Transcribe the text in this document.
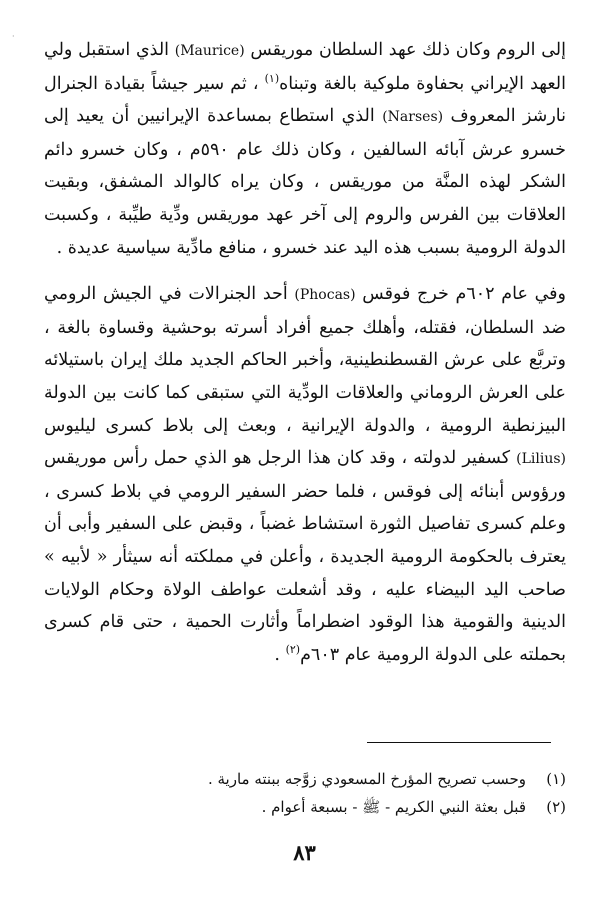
·

إلى الروم وكان ذلك عهد السلطان موريقس (Maurice) الذي استقبل ولي العهد الإيراني بحفاوة ملوكية بالغة وتبناه$^{(١)}$ ، ثم سير جيشاً بقيادة الجنرال نارشز المعروف (Narses) الذي استطاع بمساعدة الإيرانيين أن يعيد إلى خسرو عرش آبائه السالفين ، وكان ذلك عام ٥٩٠م ، وكان خسرو دائم الشكر لهذه المنَّة من موريقس ، وكان يراه كالوالد المشفق، وبقيت العلاقات بين الفرس والروم إلى آخر عهد موريقس ودِّية طيِّبة ، وكسبت الدولة الرومية بسبب هذه اليد عند خسرو ، منافع مادِّية سياسية عديدة .

وفي عام ٦٠٢م خرج فوقس (Phocas) أحد الجنرالات في الجيش الرومي ضد السلطان، فقتله، وأهلك جميع أفراد أسرته بوحشية وقساوة بالغة ، وتربَّع على عرش القسطنطينية، وأخبر الحاكم الجديد ملك إيران باستيلائه على العرش الروماني والعلاقات الودِّية التي ستبقى كما كانت بين الدولة البيزنطية الرومية ، والدولة الإيرانية ، وبعث إلى بلاط كسرى ليليوس (Lilius) كسفير لدولته ، وقد كان هذا الرجل هو الذي حمل رأس موريقس ورؤوس أبنائه إلى فوقس ، فلما حضر السفير الرومي في بلاط كسرى ، وعلم كسرى تفاصيل الثورة استشاط غضباً ، وقبض على السفير وأبى أن يعترف بالحكومة الرومية الجديدة ، وأعلن في مملكته أنه سيثأر « لأبيه » صاحب اليد البيضاء عليه ، وقد أشعلت عواطف الولاة وحكام الولايات الدينية والقومية هذا الوقود اضطراماً وأثارت الحمية ، حتى قام كسرى بحملته على الدولة الرومية عام ٦٠٣م$^{(٢)}$ .

(١)
وحسب تصريح المؤرخ المسعودي زوَّجه ببنته مارية .
(٢)
قبل بعثة النبي الكريم - ﷺ - بسبعة أعوام .
٨٣
